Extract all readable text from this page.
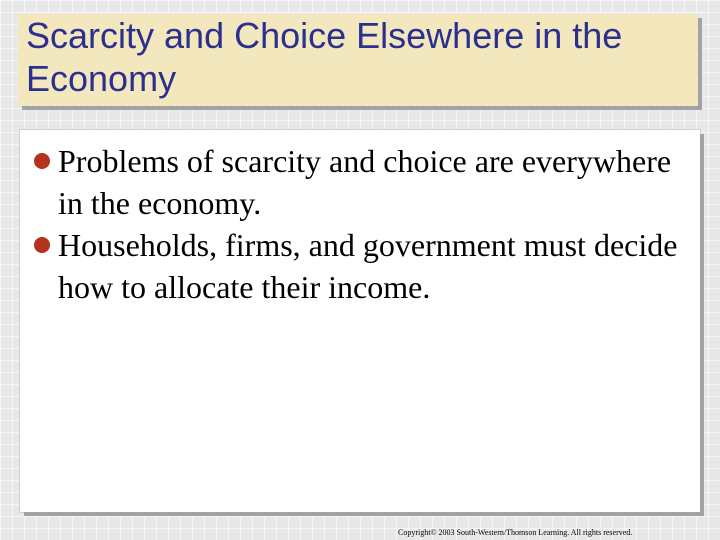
Scarcity and Choice Elsewhere in the Economy
Problems of scarcity and choice are everywhere in the economy.
Households, firms, and government must decide how to allocate their income.
Copyright© 2003 South-Western/Thomson Learning. All rights reserved.
